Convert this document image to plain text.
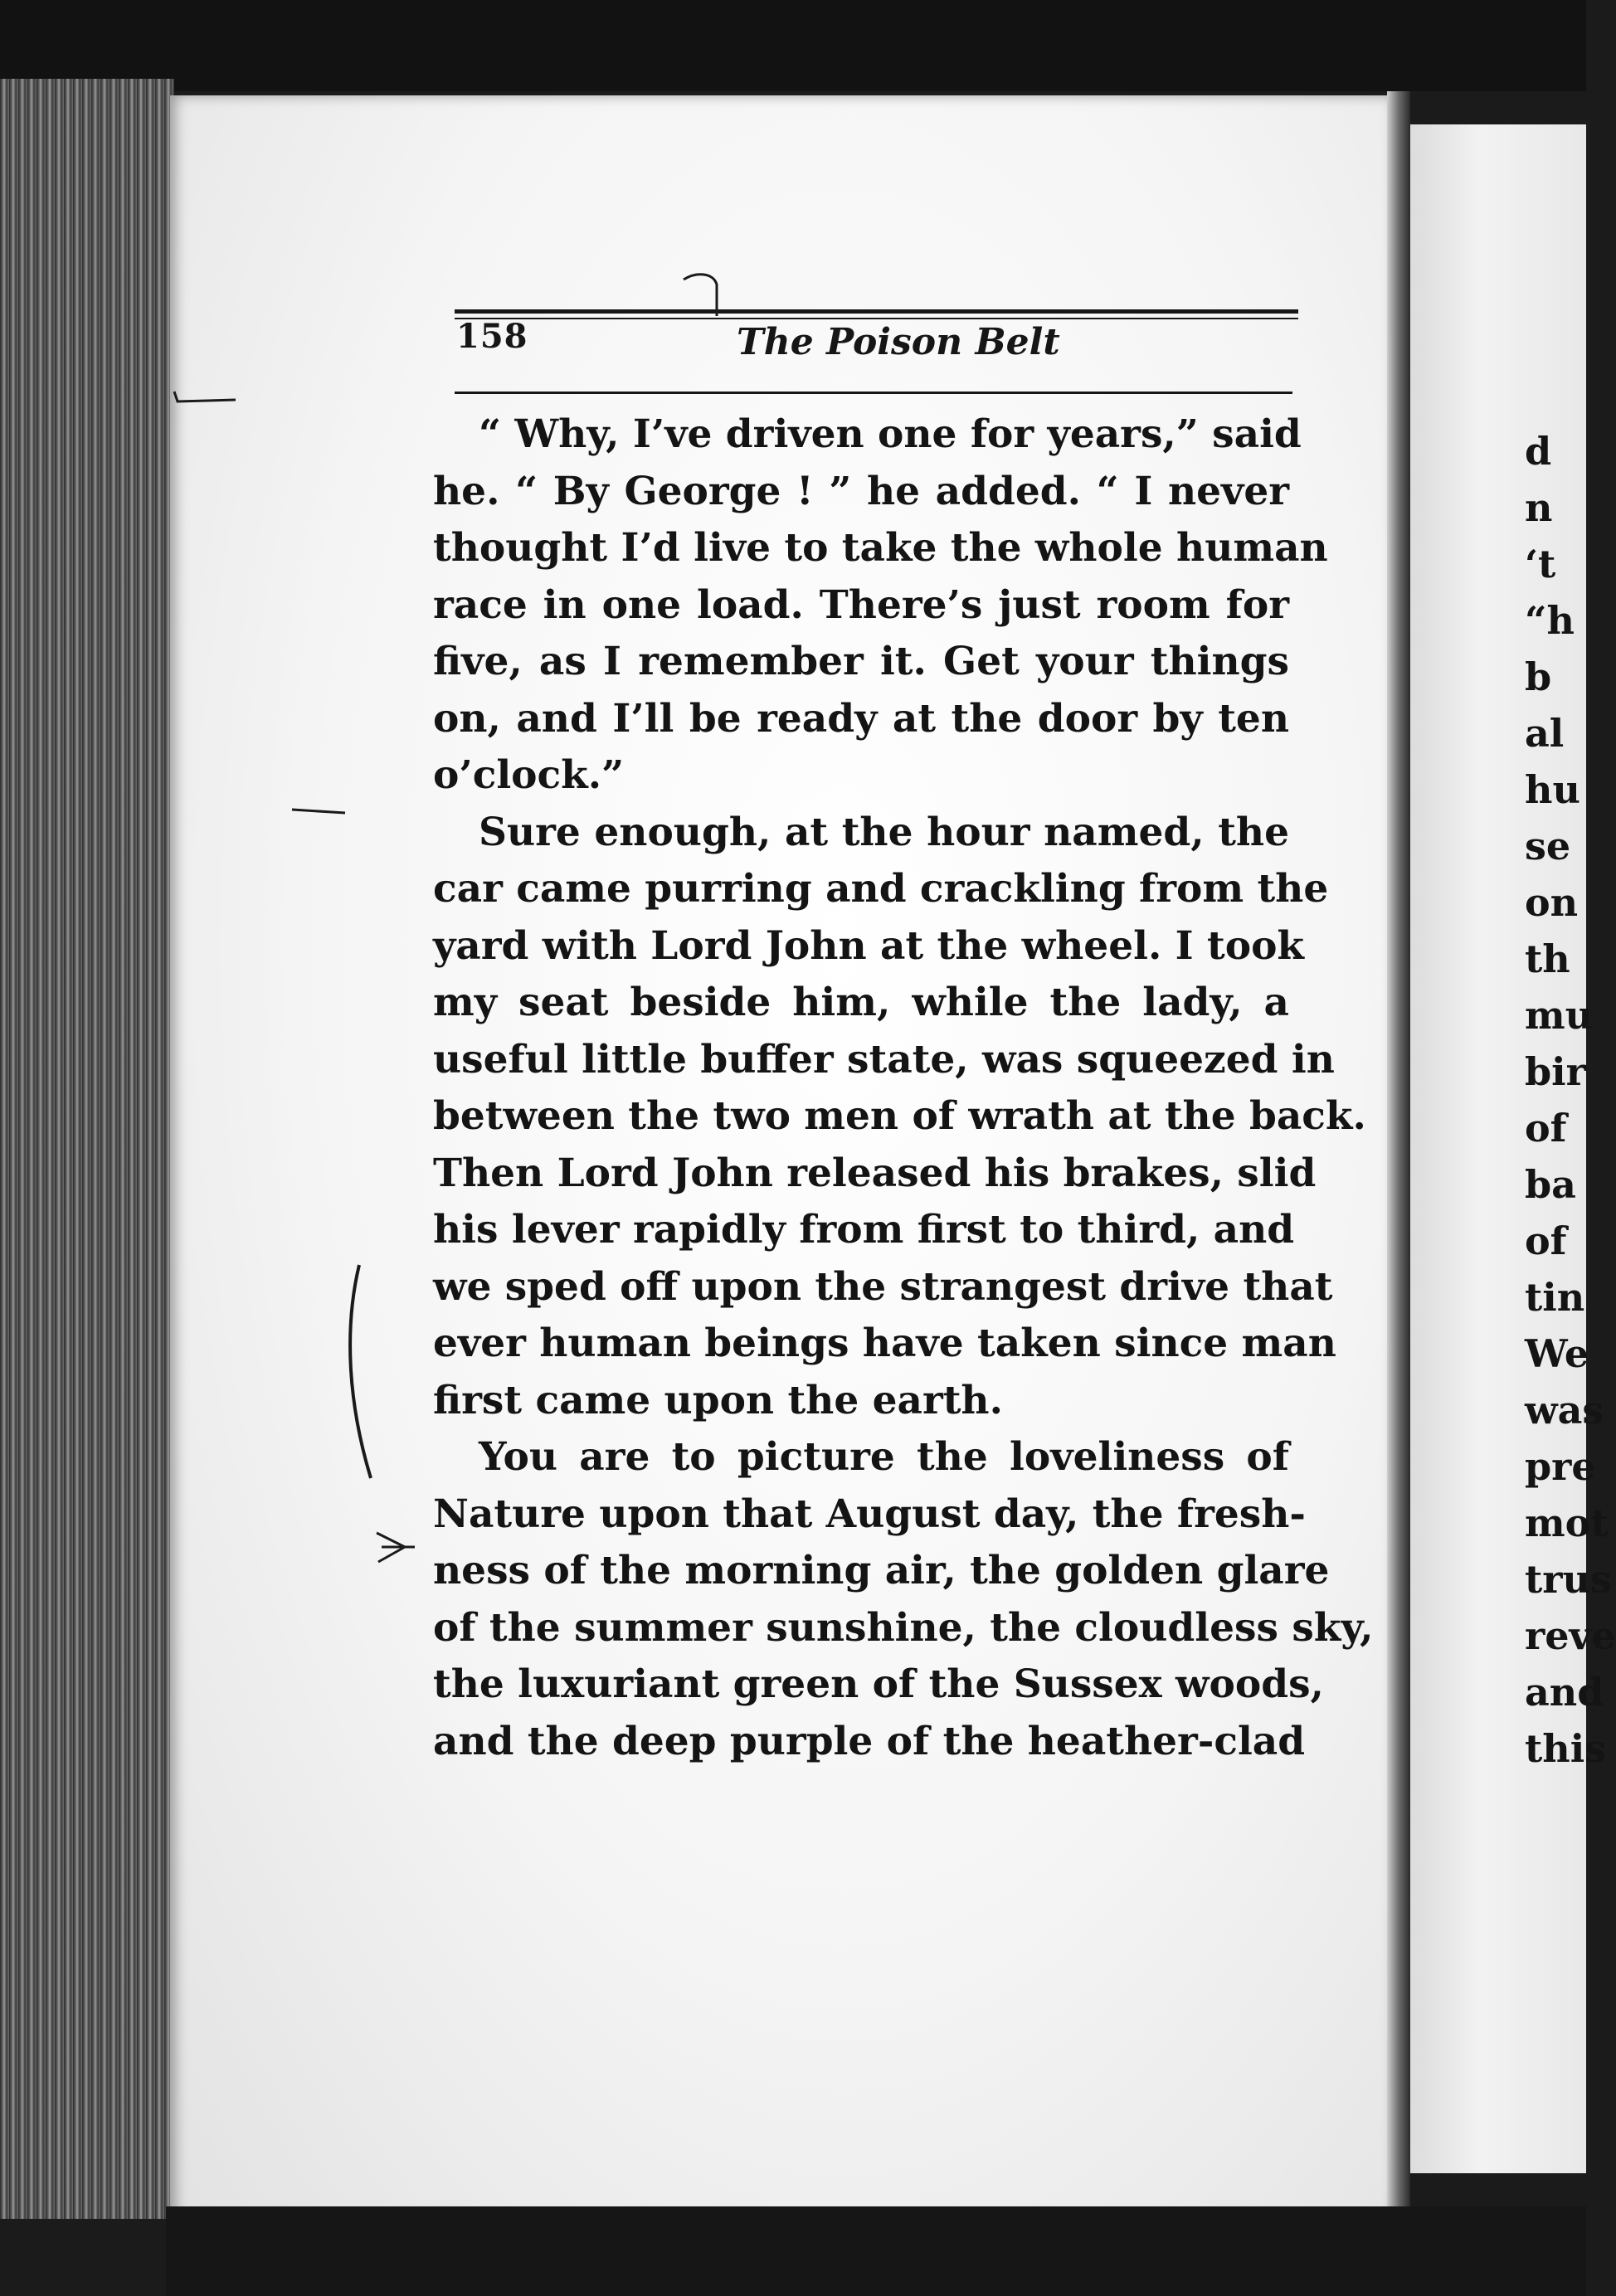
158	The Poison Belt
“ Why, I’ve driven one for years,” said
he. “ By George ! ” he added. “ I never
thought I’d live to take the whole human
race in one load. There’s just room for
five, as I remember it. Get your things
on, and I’ll be ready at the door by ten
o’clock.”
Sure enough, at the hour named, the
car came purring and crackling from the
yard with Lord John at the wheel. I took
my seat beside him, while the lady, a
useful little buffer state, was squeezed in
between the two men of wrath at the back.
Then Lord John released his brakes, slid
his lever rapidly from first to third, and
we sped off upon the strangest drive that
ever human beings have taken since man
first came upon the earth.
You are to picture the loveliness of
Nature upon that August day, the fresh-
ness of the morning air, the golden glare
of the summer sunshine, the cloudless sky,
the luxuriant green of the Sussex woods,
and the deep purple of the heather-clad
d
n
‘t
“h
b
al
hu
se
on
th
mu
bir
of
ba
of
tin
We
was
pre
mot
trus
reve
and
this
